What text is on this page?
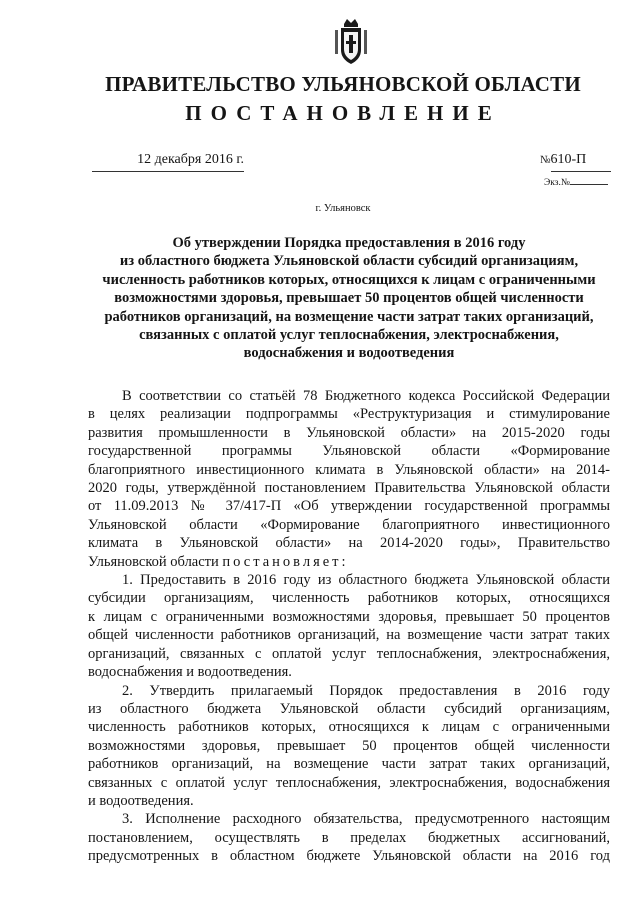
ПРАВИТЕЛЬСТВО УЛЬЯНОВСКОЙ ОБЛАСТИ
ПОСТАНОВЛЕНИЕ
12 декабря 2016 г.	№610-П
Экз.№
г. Ульяновск
Об утверждении Порядка предоставления в 2016 году
из областного бюджета Ульяновской области субсидий организациям,
численность работников которых, относящихся к лицам с ограниченными
возможностями здоровья, превышает 50 процентов общей численности
работников организаций, на возмещение части затрат таких организаций,
связанных с оплатой услуг теплоснабжения, электроснабжения,
водоснабжения и водоотведения
В соответствии со статьёй 78 Бюджетного кодекса Российской Федерации
в целях реализации подпрограммы «Реструктуризация и стимулирование
развития промышленности в Ульяновской области» на 2015-2020 годы
государственной программы Ульяновской области «Формирование
благоприятного инвестиционного климата в Ульяновской области» на 2014-
2020 годы, утверждённой постановлением Правительства Ульяновской области
от 11.09.2013 № 37/417-П «Об утверждении государственной программы
Ульяновской области «Формирование благоприятного инвестиционного
климата в Ульяновской области» на 2014-2020 годы», Правительство
Ульяновской области постановляет:
1. Предоставить в 2016 году из областного бюджета Ульяновской области
субсидии организациям, численность работников которых, относящихся
к лицам с ограниченными возможностями здоровья, превышает 50 процентов
общей численности работников организаций, на возмещение части затрат таких
организаций, связанных с оплатой услуг теплоснабжения, электроснабжения,
водоснабжения и водоотведения.
2. Утвердить прилагаемый Порядок предоставления в 2016 году
из областного бюджета Ульяновской области субсидий организациям,
численность работников которых, относящихся к лицам с ограниченными
возможностями здоровья, превышает 50 процентов общей численности
работников организаций, на возмещение части затрат таких организаций,
связанных с оплатой услуг теплоснабжения, электроснабжения, водоснабжения
и водоотведения.
3. Исполнение расходного обязательства, предусмотренного настоящим
постановлением, осуществлять в пределах бюджетных ассигнований,
предусмотренных в областном бюджете Ульяновской области на 2016 год
